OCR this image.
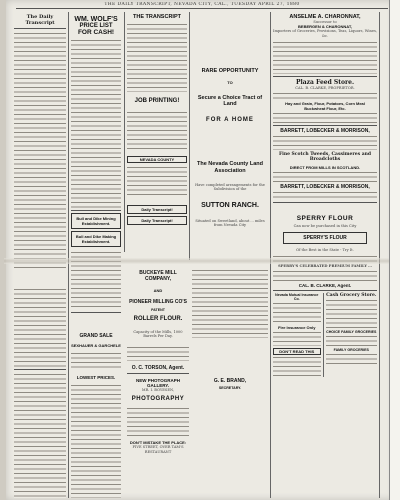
THE DAILY TRANSCRIPT, NEVADA CITY, CAL., TUESDAY APRIL 27, 1880
The Daily Transcript	WM. WOLF'S
PRICE LIST
FOR CASH!
Bull and Dike Mining Establishment.
Bull and Dike Making Establishment.
GRAND SALE
SEXHAUER & GARCHELE
LOWEST PRICES.
THE TRANSCRIPT
JOB PRINTING!
NEVADA COUNTY
Daily Transcript!
Daily Transcript!
RARE OPPORTUNITY
TO
Secure a Choice Tract of Land
FOR A HOME
The Nevada County Land Association
Have completed arrangements for the Subdivision of the
SUTTON RANCH.
Situated on Sweetland, about ... miles from Nevada City
G. E. BRAND,
SECRETARY.
BUCKEYE MILL COMPANY,
AND
PIONEER MILLING CO'S
PATENT
ROLLER FLOUR.
Capacity of the Mills, 1000 Barrels Per Day.
O. C. TORSON, Agent.
NEW PHOTOGRAPH GALLERY.
MR. I. BOYESEN,
PHOTOGRAPHY
DON'T MISTAKE THE PLACE:
FIVE STREET, OVER TAM'S RESTAURANT
ANSELME A. CHARONNAT,
Successor to
BEBERGEN & CHARONNAT,
Importers of Groceries, Provisions, Teas, Liquors, Wines, &c.
Plaza Feed Store.
CAL. B. CLARKE, PROPRIETOR.
Hay and Grain, Flour, Potatoes, Corn Meal
Buckwheat Flour, Etc.
BARRETT, LOBECKER & MORRISON,
Fine Scotch Tweeds, Cassimeres and Broadcloths
DIRECT FROM MILLS IN SCOTLAND.
BARRETT, LOBECKER & MORRISON,
SPERRY FLOUR
Can now be purchased in this City
SPERRY'S FLOUR
Of the Best in the State - Try It.
SPERRY'S CELEBRATED PREMIUM FAMILY ...
CAL. B. CLARKE, Agent.
Nevada Mutual Insurance Co.
Fire Insurance Only
DON'T READ THIS
Cash Grocery Store.
CHOICE FAMILY GROCERIES
FAMILY GROCERIES
